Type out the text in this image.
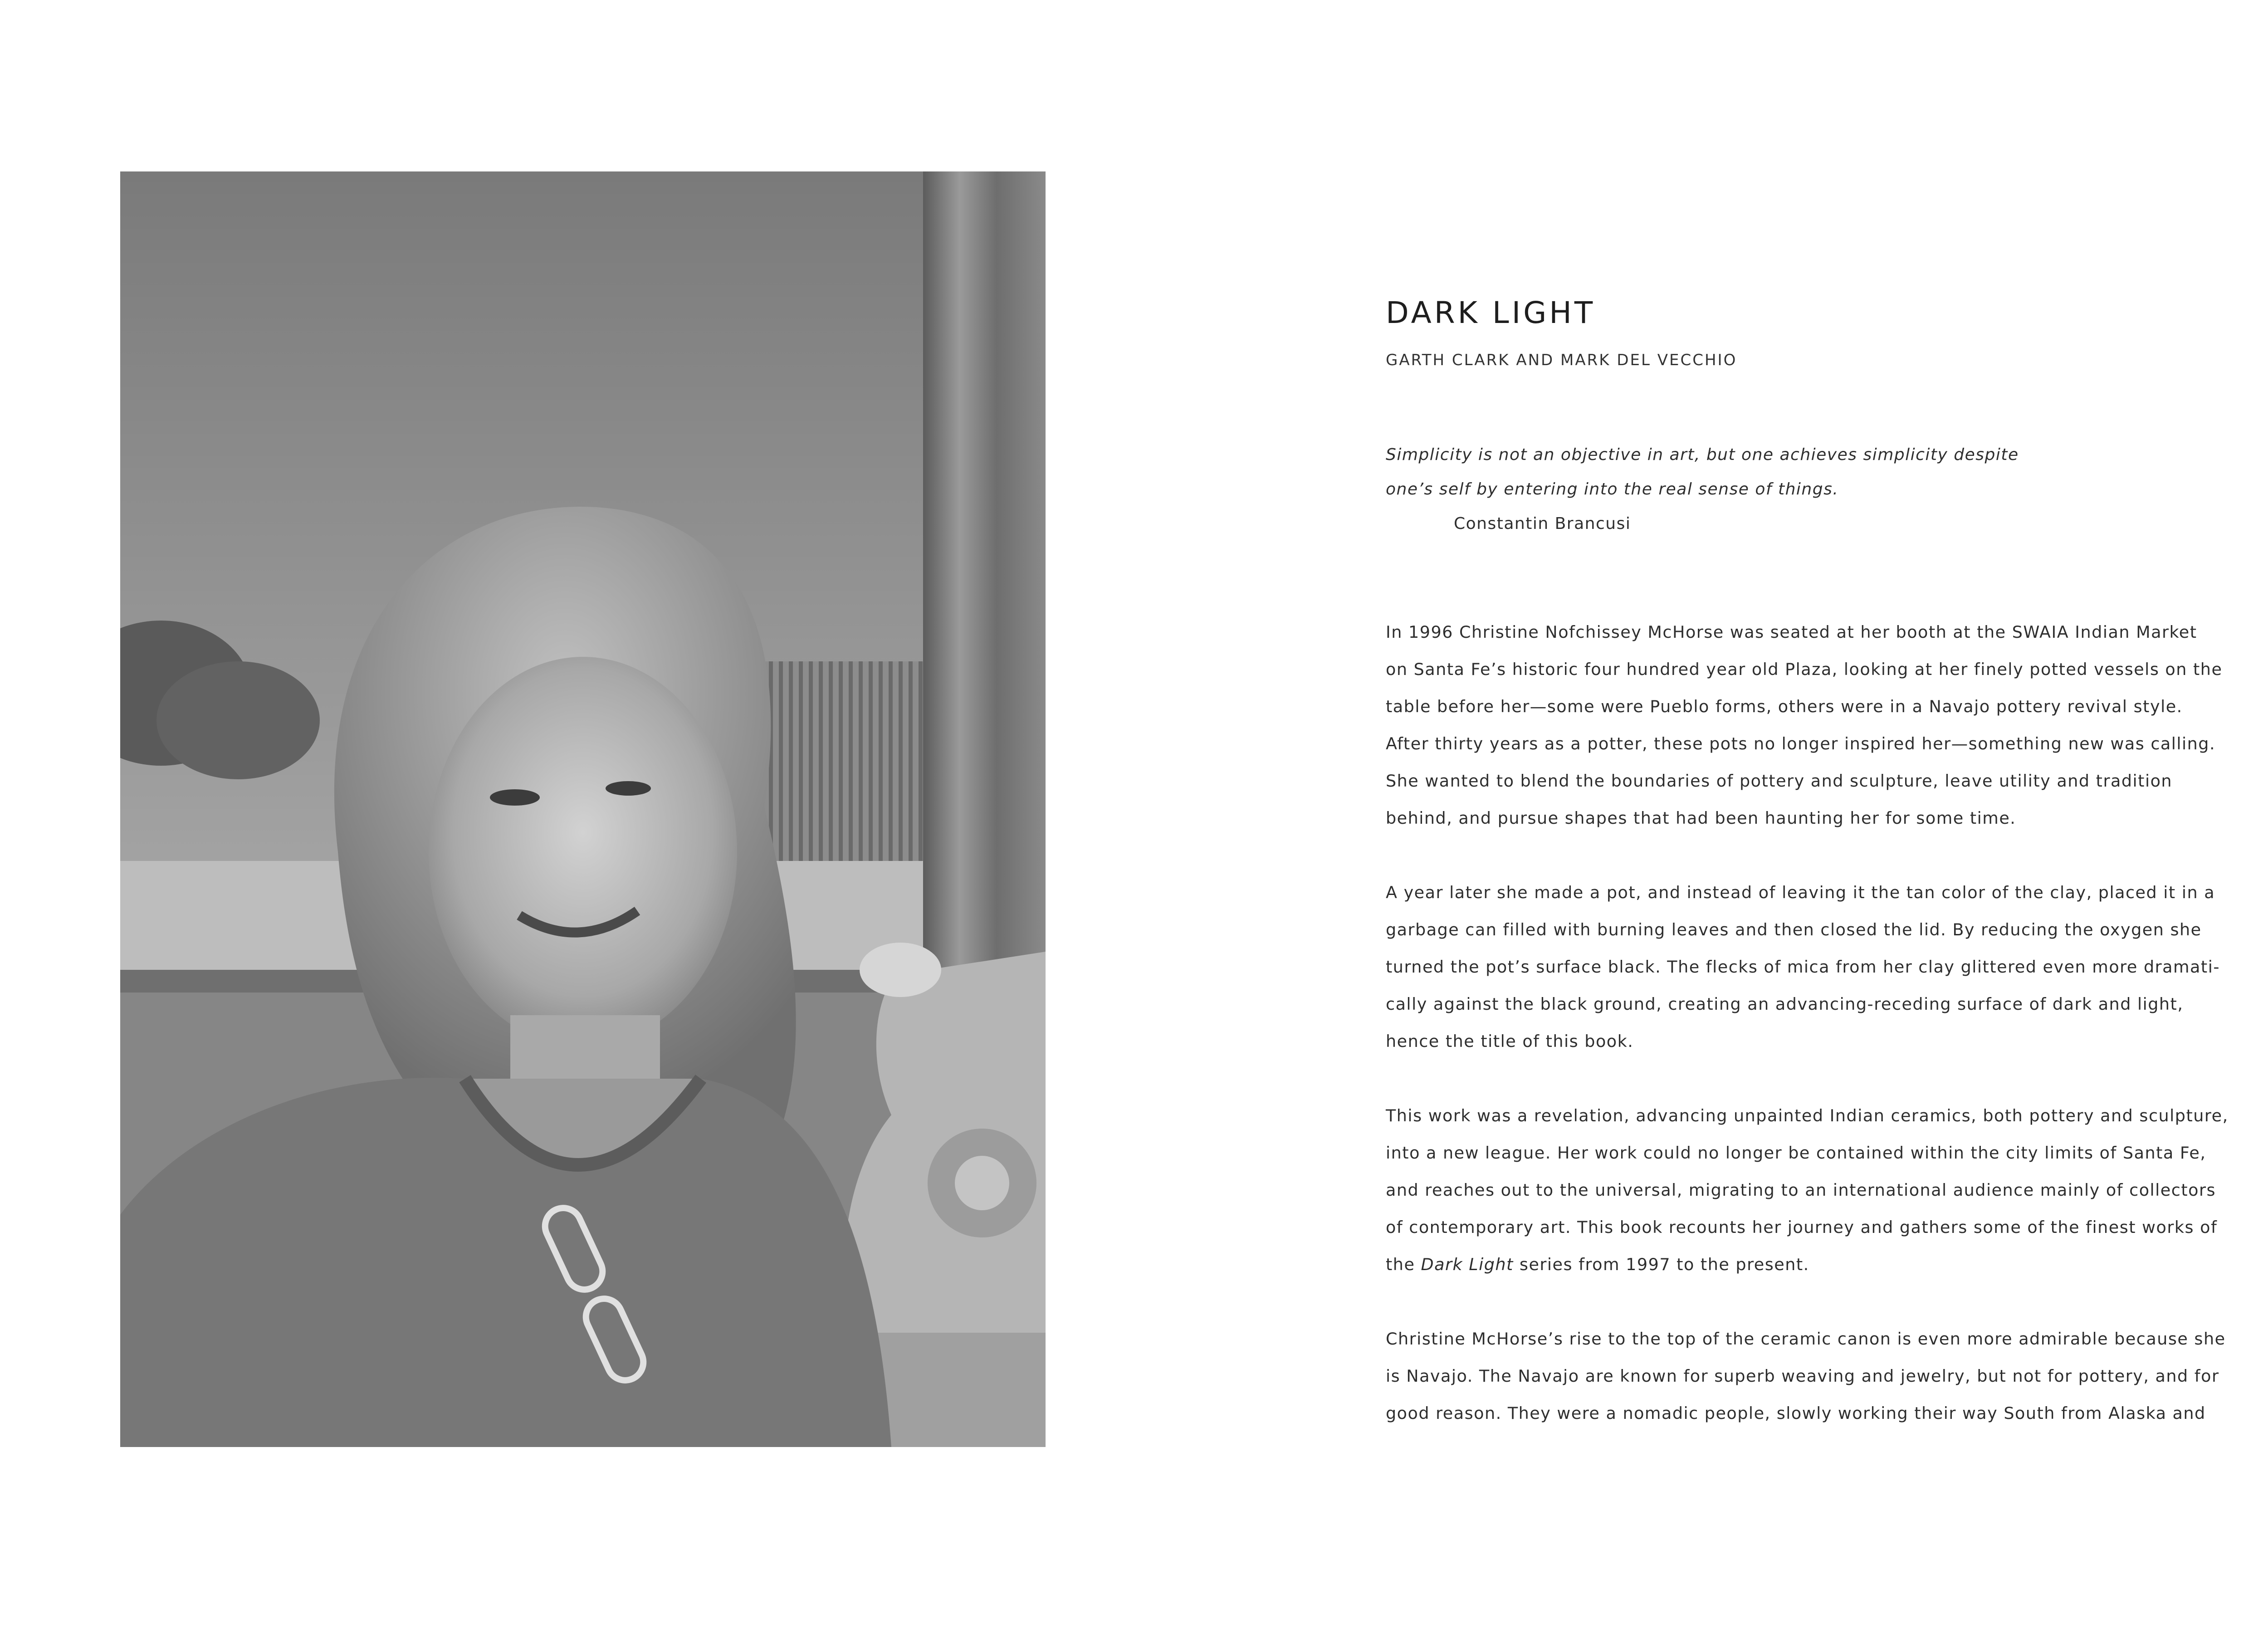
DARK LIGHT
GARTH CLARK AND MARK DEL VECCHIO
Simplicity is not an objective in art, but one achieves simplicity despite
one’s self by entering into the real sense of things.
Constantin Brancusi

In 1996 Christine Nofchissey McHorse was seated at her booth at the SWAIA Indian Market
on Santa Fe’s historic four hundred year old Plaza, looking at her finely potted vessels on the
table before her—some were Pueblo forms, others were in a Navajo pottery revival style.
After thirty years as a potter, these pots no longer inspired her—something new was calling.
She wanted to blend the boundaries of pottery and sculpture, leave utility and tradition
behind, and pursue shapes that had been haunting her for some time.

A year later she made a pot, and instead of leaving it the tan color of the clay, placed it in a
garbage can filled with burning leaves and then closed the lid. By reducing the oxygen she
turned the pot’s surface black. The flecks of mica from her clay glittered even more dramati-
cally against the black ground, creating an advancing-receding surface of dark and light,
hence the title of this book.

This work was a revelation, advancing unpainted Indian ceramics, both pottery and sculpture,
into a new league. Her work could no longer be contained within the city limits of Santa Fe,
and reaches out to the universal, migrating to an international audience mainly of collectors
of contemporary art. This book recounts her journey and gathers some of the finest works of
the Dark Light series from 1997 to the present.

Christine McHorse’s rise to the top of the ceramic canon is even more admirable because she
is Navajo. The Navajo are known for superb weaving and jewelry, but not for pottery, and for
good reason. They were a nomadic people, slowly working their way South from Alaska and
